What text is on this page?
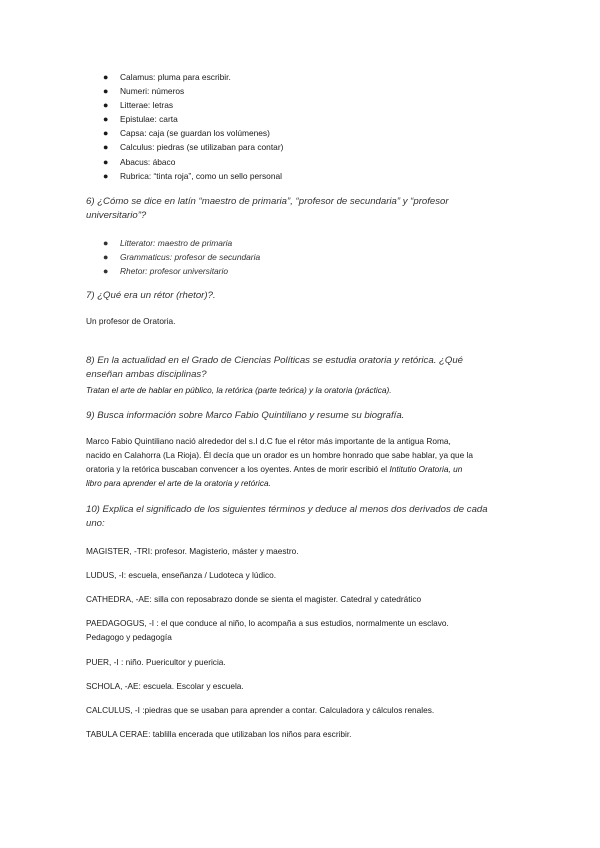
● Calamus: pluma para escribir.
● Numeri: números
● Litterae: letras
● Epistulae: carta
● Capsa: caja (se guardan los volúmenes)
● Calculus: piedras (se utilizaban para contar)
● Abacus: ábaco
● Rubrica: “tinta roja”, como un sello personal
6) ¿Cómo se dice en latín “maestro de primaria”, “profesor de secundaria” y “profesor
universitario”?
● Litterator: maestro de primaria
● Grammaticus: profesor de secundaria
● Rhetor: profesor universitario
7) ¿Qué era un rétor (rhetor)?.
Un profesor de Oratoria.
8) En la actualidad en el Grado de Ciencias Políticas se estudia oratoria y retórica. ¿Qué
enseñan ambas disciplinas?
Tratan el arte de hablar en público, la retórica (parte teórica) y la oratoria (práctica).
9) Busca información sobre Marco Fabio Quintiliano y resume su biografía.
Marco Fabio Quintiliano nació alrededor del s.I d.C fue el rétor más importante de la antigua Roma,
nacido en Calahorra (La Rioja). Él decía que un orador es un hombre honrado que sabe hablar, ya que la
oratoria y la retórica buscaban convencer a los oyentes. Antes de morir escribió el Intitutio Oratoria, un
libro para aprender el arte de la oratoria y retórica.
10) Explica el significado de los siguientes términos y deduce al menos dos derivados de cada
uno:
MAGISTER, -TRI: profesor. Magisterio, máster y maestro.
LUDUS, -I: escuela, enseñanza / Ludoteca y lúdico.
CATHEDRA, -AE: silla con reposabrazo donde se sienta el magister. Catedral y catedrático
PAEDAGOGUS, -I : el que conduce al niño, lo acompaña a sus estudios, normalmente un esclavo.
Pedagogo y pedagogía
PUER, -I : niño. Puericultor y puericia.
SCHOLA, -AE: escuela. Escolar y escuela.
CALCULUS, -I :piedras que se usaban para aprender a contar. Calculadora y cálculos renales.
TABULA CERAE: tablilla encerada que utilizaban los niños para escribir.
